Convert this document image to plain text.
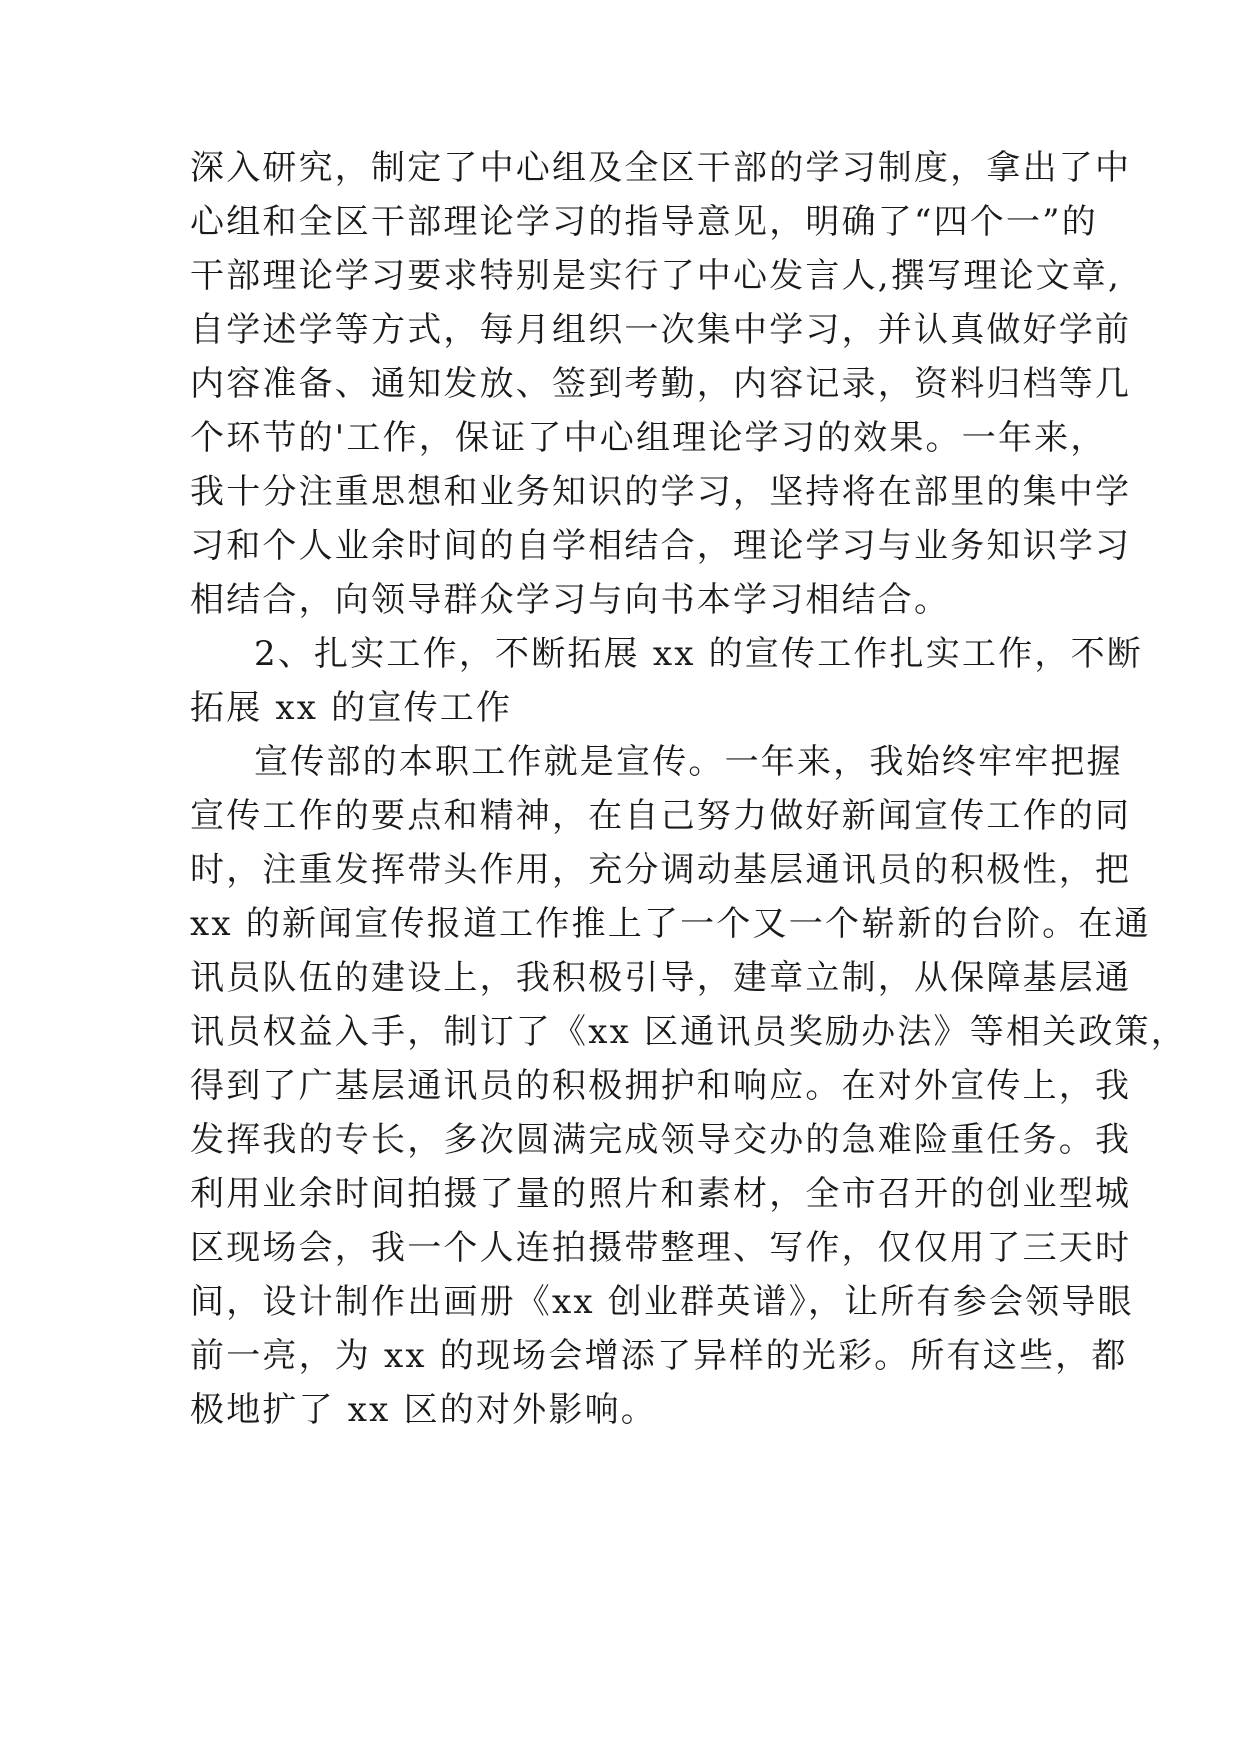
深入研究，制定了中心组及全区干部的学习制度，拿出了中
心组和全区干部理论学习的指导意见，明确了“四个一”的
干部理论学习要求特别是实行了中心发言人,撰写理论文章,
自学述学等方式，每月组织一次集中学习，并认真做好学前
内容准备、通知发放、签到考勤，内容记录，资料归档等几
个环节的'工作，保证了中心组理论学习的效果。一年来，
我十分注重思想和业务知识的学习，坚持将在部里的集中学
习和个人业余时间的自学相结合，理论学习与业务知识学习
相结合，向领导群众学习与向书本学习相结合。
2、扎实工作，不断拓展 xx 的宣传工作扎实工作，不断
拓展 xx 的宣传工作
宣传部的本职工作就是宣传。一年来，我始终牢牢把握
宣传工作的要点和精神，在自己努力做好新闻宣传工作的同
时，注重发挥带头作用，充分调动基层通讯员的积极性，把
xx 的新闻宣传报道工作推上了一个又一个崭新的台阶。在通
讯员队伍的建设上，我积极引导，建章立制，从保障基层通
讯员权益入手，制订了《xx 区通讯员奖励办法》等相关政策，
得到了广基层通讯员的积极拥护和响应。在对外宣传上，我
发挥我的专长，多次圆满完成领导交办的急难险重任务。我
利用业余时间拍摄了量的照片和素材，全市召开的创业型城
区现场会，我一个人连拍摄带整理、写作，仅仅用了三天时
间，设计制作出画册《xx 创业群英谱》，让所有参会领导眼
前一亮，为 xx 的现场会增添了异样的光彩。所有这些，都
极地扩了 xx 区的对外影响。
